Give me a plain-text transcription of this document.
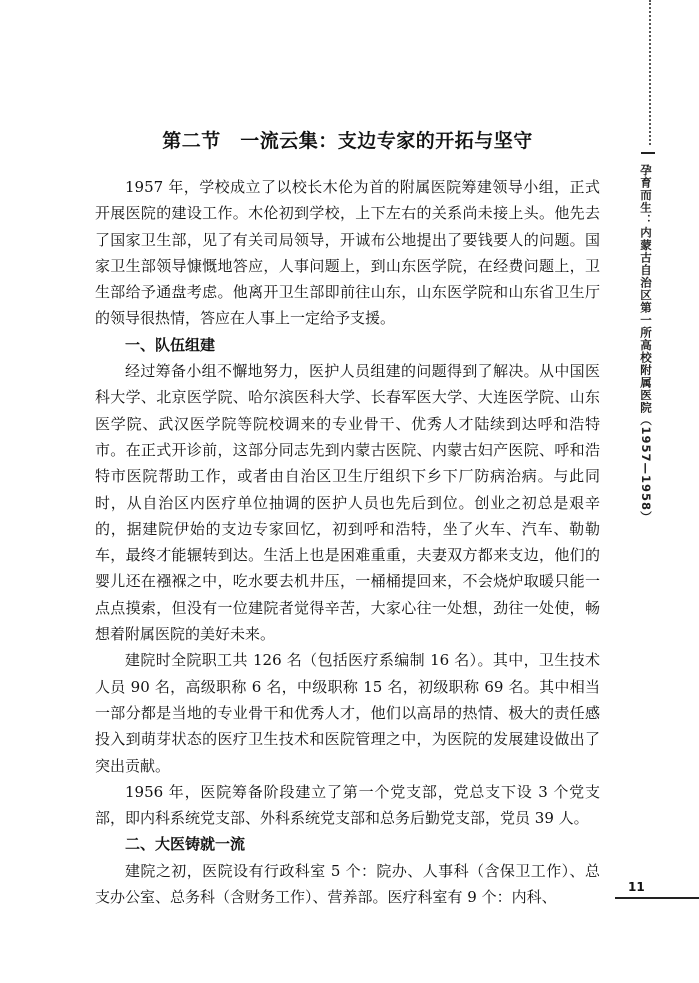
孕育而生：内蒙古自治区第一所高校附属医院（1957—1958）
第二节　一流云集：支边专家的开拓与坚守

1957 年，学校成立了以校长木伦为首的附属医院筹建领导小组，正式开展医院的建设工作。木伦初到学校，上下左右的关系尚未接上头。他先去了国家卫生部，见了有关司局领导，开诚布公地提出了要钱要人的问题。国家卫生部领导慷慨地答应，人事问题上，到山东医学院，在经费问题上，卫生部给予通盘考虑。他离开卫生部即前往山东，山东医学院和山东省卫生厅的领导很热情，答应在人事上一定给予支援。

一、队伍组建

经过筹备小组不懈地努力，医护人员组建的问题得到了解决。从中国医科大学、北京医学院、哈尔滨医科大学、长春军医大学、大连医学院、山东医学院、武汉医学院等院校调来的专业骨干、优秀人才陆续到达呼和浩特市。在正式开诊前，这部分同志先到内蒙古医院、内蒙古妇产医院、呼和浩特市医院帮助工作，或者由自治区卫生厅组织下乡下厂防病治病。与此同时，从自治区内医疗单位抽调的医护人员也先后到位。创业之初总是艰辛的，据建院伊始的支边专家回忆，初到呼和浩特，坐了火车、汽车、勒勒车，最终才能辗转到达。生活上也是困难重重，夫妻双方都来支边，他们的婴儿还在襁褓之中，吃水要去机井压，一桶桶提回来，不会烧炉取暖只能一点点摸索，但没有一位建院者觉得辛苦，大家心往一处想，劲往一处使，畅想着附属医院的美好未来。

建院时全院职工共 126 名（包括医疗系编制 16 名）。其中，卫生技术人员 90 名，高级职称 6 名，中级职称 15 名，初级职称 69 名。其中相当一部分都是当地的专业骨干和优秀人才，他们以高昂的热情、极大的责任感投入到萌芽状态的医疗卫生技术和医院管理之中，为医院的发展建设做出了突出贡献。

1956 年，医院筹备阶段建立了第一个党支部，党总支下设 3 个党支部，即内科系统党支部、外科系统党支部和总务后勤党支部，党员 39 人。

二、大医铸就一流

建院之初，医院设有行政科室 5 个：院办、人事科（含保卫工作）、总支办公室、总务科（含财务工作）、营养部。医疗科室有 9 个：内科、

11
